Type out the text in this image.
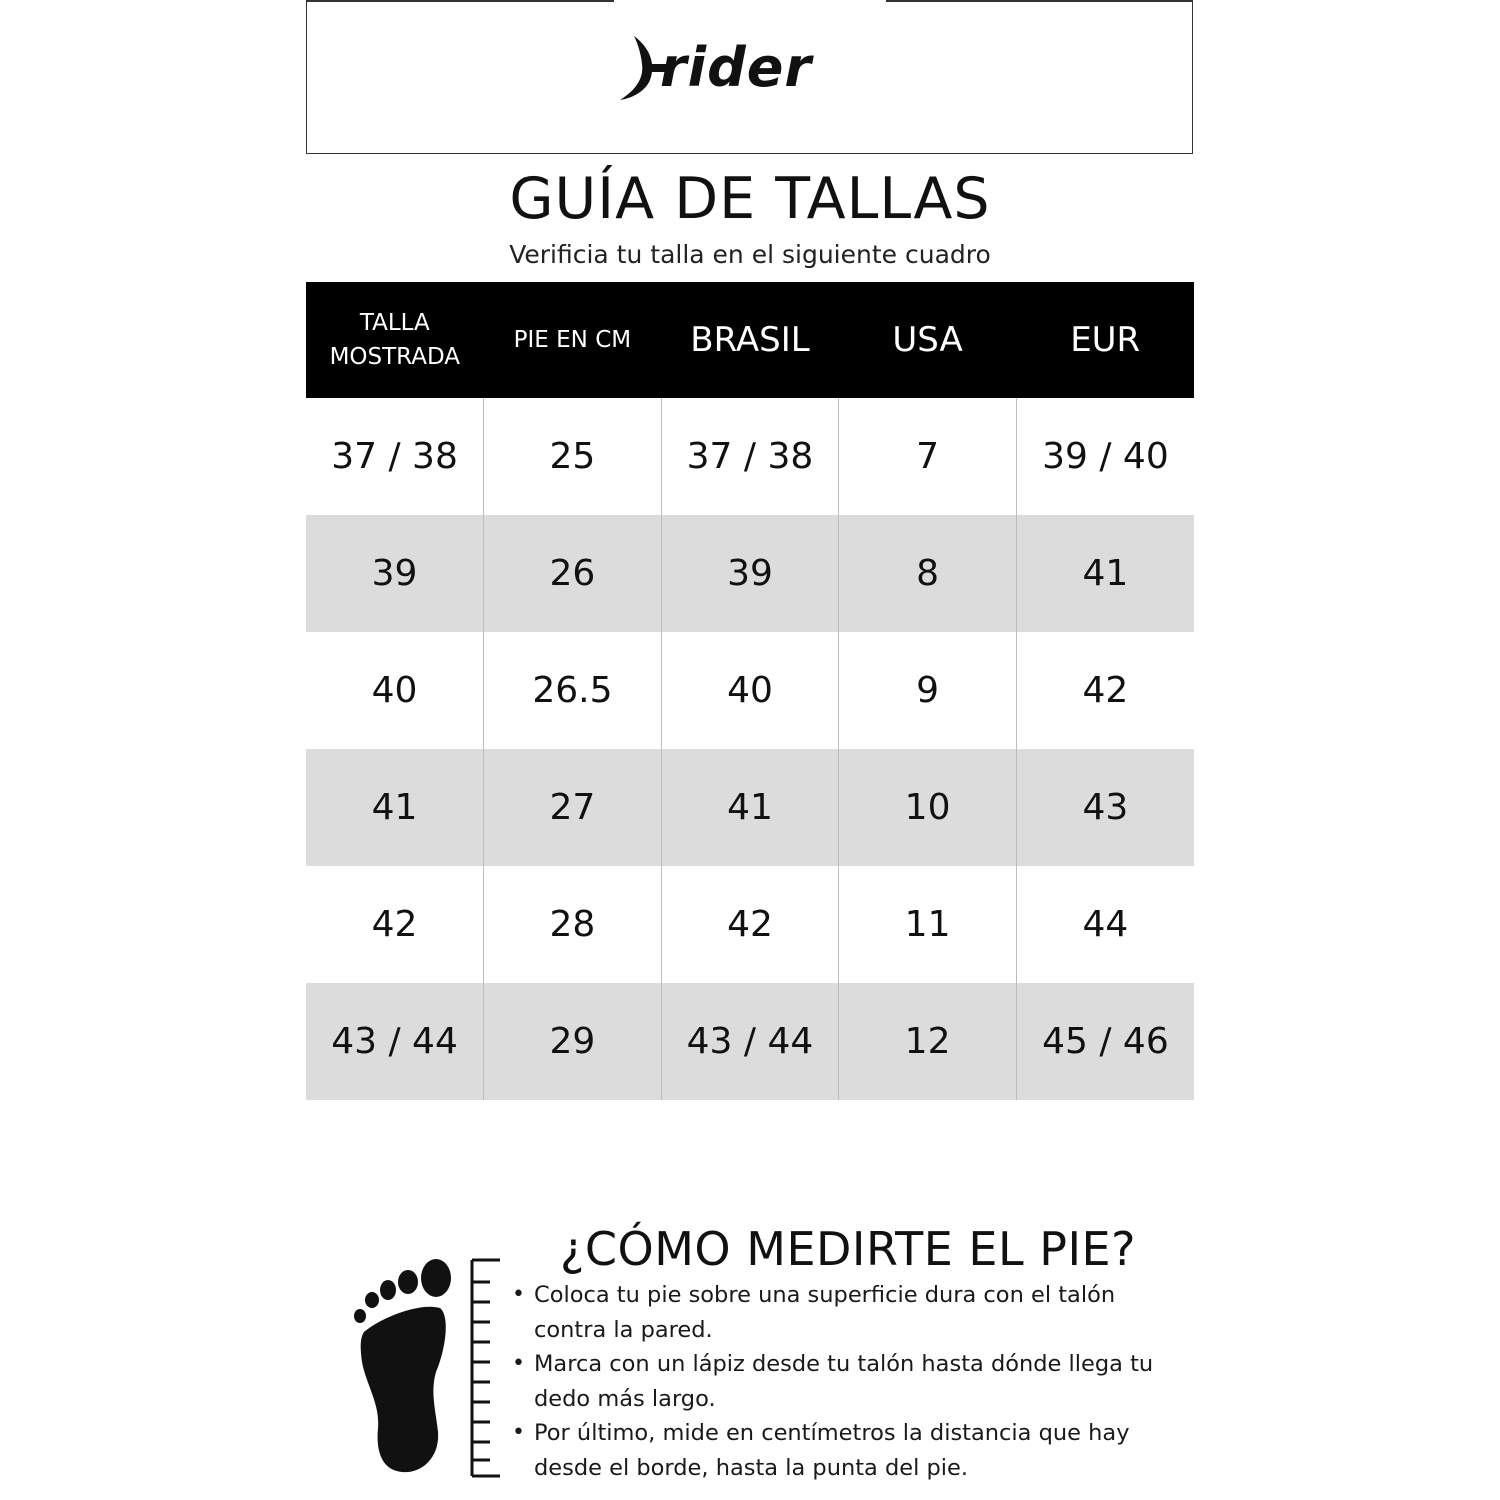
rider
GUÍA DE TALLAS
Verificia tu talla en el siguiente cuadro
TALLA MOSTRADA	PIE EN CM	BRASIL	USA	EUR
37 / 38	25	37 / 38	7	39 / 40
39	26	39	8	41
40	26.5	40	9	42
41	27	41	10	43
42	28	42	11	44
43 / 44	29	43 / 44	12	45 / 46
¿CÓMO MEDIRTE EL PIE?
• Coloca tu pie sobre una superficie dura con el talón contra la pared.
• Marca con un lápiz desde tu talón hasta dónde llega tu dedo más largo.
• Por último, mide en centímetros la distancia que hay desde el borde, hasta la punta del pie.
